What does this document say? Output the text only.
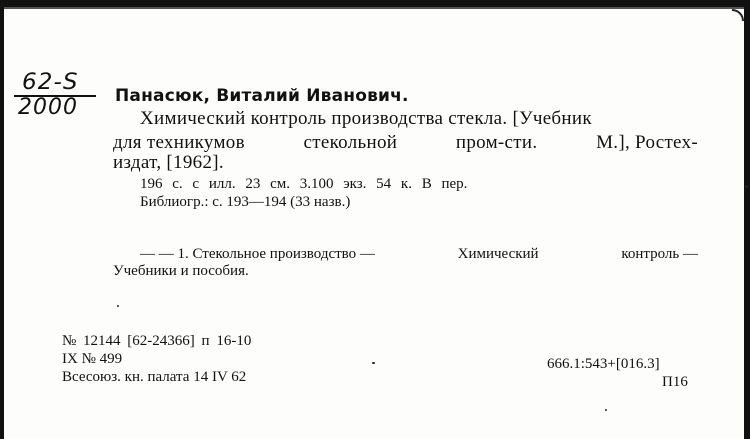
62-S
2000 Панасюк, Виталий Иванович.
Химический контроль производства стекла. [Учебник
для техникумов	стекольной	пром-сти.	М.], Ростех-
издат, [1962].
196 с. с илл. 23 см. 3.100 экз. 54 к. В пер.
Библиогр.: с. 193—194 (33 назв.)
— — 1. Стекольное производство —	Химический	контроль —
Учебники и пособия.
№ 12144 [62-24366] п 16-10
IX № 499
Всесоюз. кн. палата 14 IV 62
666.1:543+[016.3]
П16
